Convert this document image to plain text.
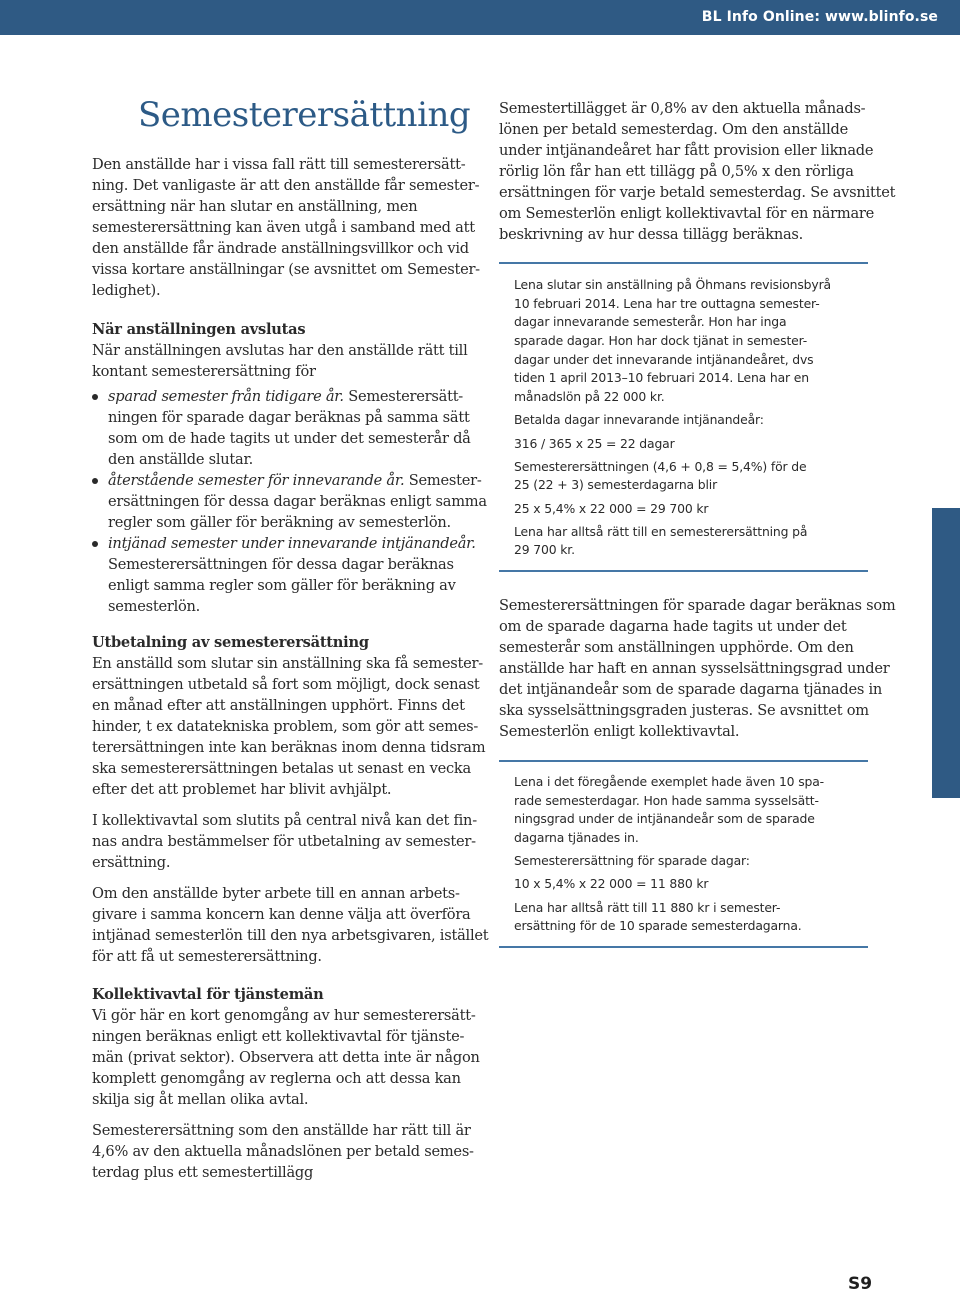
BL Info Online: www.blinfo.se
Semesterersättning
Den anställde har i vissa fall rätt till semesterersätt-
ning. Det vanligaste är att den anställde får semester-
ersättning när han slutar en anställning, men
semesterersättning kan även utgå i samband med att
den anställde får ändrade anställningsvillkor och vid
vissa kortare anställningar (se avsnittet om Semester-
ledighet).
När anställningen avslutas
När anställningen avslutas har den anställde rätt till
kontant semesterersättning för
sparad semester från tidigare år. Semesterersätt-
ningen för sparade dagar beräknas på samma sätt
som om de hade tagits ut under det semesterår då
den anställde slutar.
återstående semester för innevarande år. Semester-
ersättningen för dessa dagar beräknas enligt samma
regler som gäller för beräkning av semesterlön.
intjänad semester under innevarande intjänandeår.
Semesterersättningen för dessa dagar beräknas
enligt samma regler som gäller för beräkning av
semesterlön.
Utbetalning av semesterersättning
En anställd som slutar sin anställning ska få semester-
ersättningen utbetald så fort som möjligt, dock senast
en månad efter att anställningen upphört. Finns det
hinder, t ex datatekniska problem, som gör att semes-
terersättningen inte kan beräknas inom denna tidsram
ska semesterersättningen betalas ut senast en vecka
efter det att problemet har blivit avhjälpt.
I kollektivavtal som slutits på central nivå kan det fin-
nas andra bestämmelser för utbetalning av semester-
ersättning.
Om den anställde byter arbete till en annan arbets-
givare i samma koncern kan denne välja att överföra
intjänad semesterlön till den nya arbetsgivaren, istället
för att få ut semesterersättning.
Kollektivavtal för tjänstemän
Vi gör här en kort genomgång av hur semesterersätt-
ningen beräknas enligt ett kollektivavtal för tjänste-
män (privat sektor). Observera att detta inte är någon
komplett genomgång av reglerna och att dessa kan
skilja sig åt mellan olika avtal.
Semesterersättning som den anställde har rätt till är
4,6% av den aktuella månadslönen per betald semes-
terdag plus ett semestertillägg
Semestertillägget är 0,8% av den aktuella månads-
lönen per betald semesterdag. Om den anställde
under intjänandeåret har fått provision eller liknade
rörlig lön får han ett tillägg på 0,5% x den rörliga
ersättningen för varje betald semesterdag. Se avsnittet
om Semesterlön enligt kollektivavtal för en närmare
beskrivning av hur dessa tillägg beräknas.
Lena slutar sin anställning på Öhmans revisionsbyrå
10 februari 2014. Lena har tre outtagna semester-
dagar innevarande semesterår. Hon har inga
sparade dagar. Hon har dock tjänat in semester-
dagar under det innevarande intjänandeåret, dvs
tiden 1 april 2013–10 februari 2014. Lena har en
månadslön på 22 000 kr.
Betalda dagar innevarande intjänandeår:
316 / 365 x 25 = 22 dagar
Semesterersättningen (4,6 + 0,8 = 5,4%) för de
25 (22 + 3) semesterdagarna blir
25 x 5,4% x 22 000 = 29 700 kr
Lena har alltså rätt till en semesterersättning på
29 700 kr.
Semesterersättningen för sparade dagar beräknas som
om de sparade dagarna hade tagits ut under det
semesterår som anställningen upphörde. Om den
anställde har haft en annan sysselsättningsgrad under
det intjänandeår som de sparade dagarna tjänades in
ska sysselsättningsgraden justeras. Se avsnittet om
Semesterlön enligt kollektivavtal.
Lena i det föregående exemplet hade även 10 spa-
rade semesterdagar. Hon hade samma sysselsätt-
ningsgrad under de intjänandeår som de sparade
dagarna tjänades in.
Semesterersättning för sparade dagar:
10 x 5,4% x 22 000 = 11 880 kr
Lena har alltså rätt till 11 880 kr i semester-
ersättning för de 10 sparade semesterdagarna.
S9
